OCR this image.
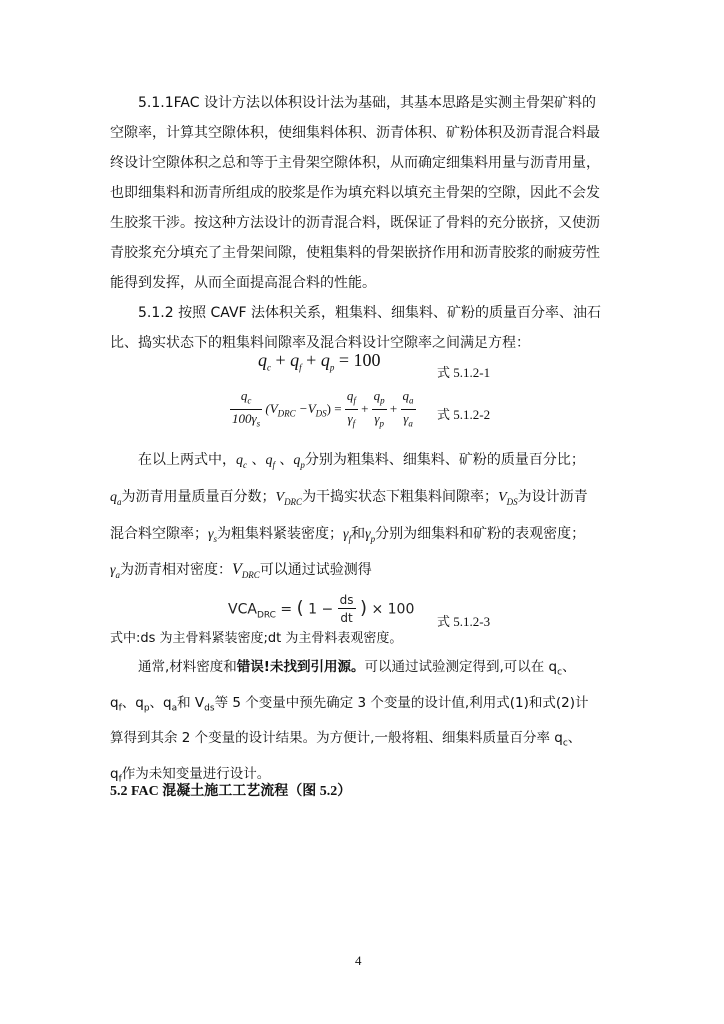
5.1.1FAC 设计方法以体积设计法为基础，其基本思路是实测主骨架矿料的
空隙率，计算其空隙体积，使细集料体积、沥青体积、矿粉体积及沥青混合料最
终设计空隙体积之总和等于主骨架空隙体积，从而确定细集料用量与沥青用量，
也即细集料和沥青所组成的胶浆是作为填充料以填充主骨架的空隙，因此不会发
生胶浆干涉。按这种方法设计的沥青混合料，既保证了骨料的充分嵌挤，又使沥
青胶浆充分填充了主骨架间隙，使粗集料的骨架嵌挤作用和沥青胶浆的耐疲劳性
能得到发挥，从而全面提高混合料的性能。
5.1.2 按照 CAVF 法体积关系，粗集料、细集料、矿粉的质量百分率、油石
比、捣实状态下的粗集料间隙率及混合料设计空隙率之间满足方程：
$q_c + q_f + q_p = 100$
式 5.1.2-1
$\frac{q_c}{100\gamma_s} (V_{DRC} -V_{DS}) = \frac{q_f}{\gamma_f} + \frac{q_p}{\gamma_p} + \frac{q_a}{\gamma_a}$ 式 5.1.2-2
在以上两式中，$q_c$ 、$q_f$ 、$q_p$分别为粗集料、细集料、矿粉的质量百分比；
$q_a$为沥青用量质量百分数；$V_{DRC}$为干捣实状态下粗集料间隙率；$V_{DS}$为设计沥青
混合料空隙率；$\gamma_s$为粗集料紧装密度；$\gamma_f$和$\gamma_p$分别为细集料和矿粉的表观密度；
$\gamma_a$为沥青相对密度：$V_{DRC}$可以通过试验测得
$VCA_{DRC}$ = ( $1 - \frac{ds}{dt}$ ) × 100
式 5.1.2-3
式中:ds 为主骨料紧装密度;dt 为主骨料表观密度。
通常,材料密度和错误!未找到引用源。可以通过试验测定得到,可以在 $q_c$、
$q_f$、$q_p$、$q_a$和 $V_{ds}$等 5 个变量中预先确定 3 个变量的设计值,利用式(1)和式(2)计
算得到其余 2 个变量的设计结果。为方便计,一般将粗、细集料质量百分率 $q_c$、
$q_f$作为未知变量进行设计。
5.2 FAC 混凝土施工工艺流程（图 5.2）
4
